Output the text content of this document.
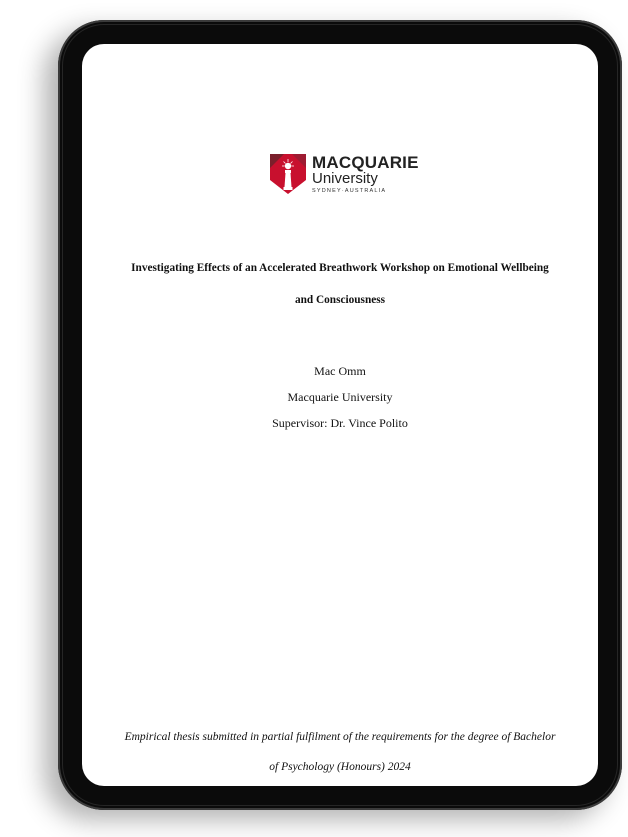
MACQUARIE
University
SYDNEY·AUSTRALIA
Investigating Effects of an Accelerated Breathwork Workshop on Emotional Wellbeing
and Consciousness
Mac Omm
Macquarie University
Supervisor: Dr. Vince Polito
Empirical thesis submitted in partial fulfilment of the requirements for the degree of Bachelor
of Psychology (Honours) 2024
